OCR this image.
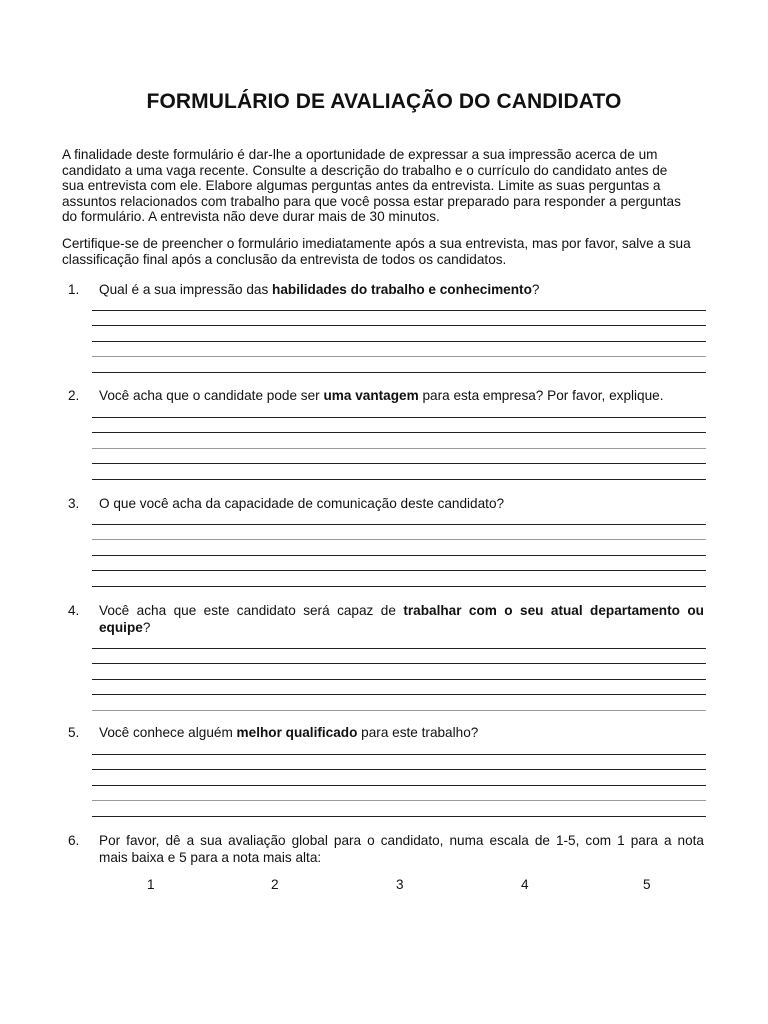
FORMULÁRIO DE AVALIAÇÃO DO CANDIDATO
A finalidade deste formulário é dar-lhe a oportunidade de expressar a sua impressão acerca de um
candidato a uma vaga recente. Consulte a descrição do trabalho e o currículo do candidato antes de
sua entrevista com ele. Elabore algumas perguntas antes da entrevista. Limite as suas perguntas a
assuntos relacionados com trabalho para que você possa estar preparado para responder a perguntas
do formulário. A entrevista não deve durar mais de 30 minutos.
Certifique-se de preencher o formulário imediatamente após a sua entrevista, mas por favor, salve a sua
classificação final após a conclusão da entrevista de todos os candidatos.
1.	Qual é a sua impressão das habilidades do trabalho e conhecimento?
2.	Você acha que o candidate pode ser uma vantagem para esta empresa? Por favor, explique.
3.	O que você acha da capacidade de comunicação deste candidato?
4.	Você acha que este candidato será capaz de trabalhar com o seu atual departamento ou
equipe?
5.	Você conhece alguém melhor qualificado para este trabalho?
6.	Por favor, dê a sua avaliação global para o candidato, numa escala de 1-5, com 1 para a nota
mais baixa e 5 para a nota mais alta:
1	2	3	4	5
